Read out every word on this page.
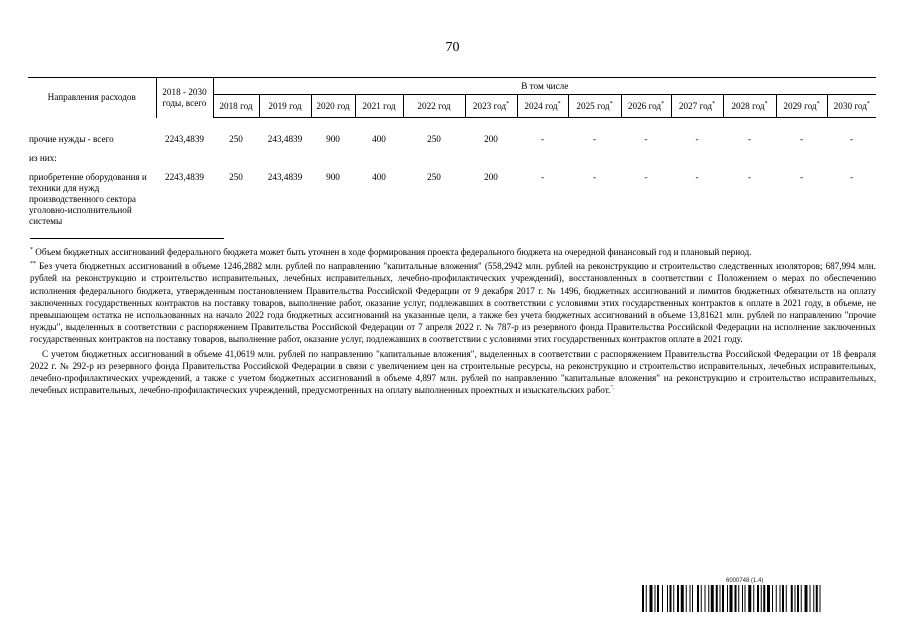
70
Направления расходов	2018 - 2030 годы, всего	В том числе												
		2018 год	2019 год	2020 год	2021 год	2022 год	2023 год*	2024 год*	2025 год*	2026 год*	2027 год*	2028 год*	2029 год*	2030 год*

прочие нужды - всего	2243,4839	250	243,4839	900	400	250	200	-	-	-	-	-	-	-
из них:														
приобретение оборудования и техники для нужд производственного сектора уголовно-исполнительной системы	2243,4839	250	243,4839	900	400	250	200	-	-	-	-	-	-	-

* Объем бюджетных ассигнований федерального бюджета может быть уточнен в ходе формирования проекта федерального бюджета на очередной финансовый год и плановый период.

** Без учета бюджетных ассигнований в объеме 1246,2882 млн. рублей по направлению "капитальные вложения" (558,2942 млн. рублей на реконструкцию и строительство следственных изоляторов; 687,994 млн. рублей на реконструкцию и строительство исправительных, лечебных исправительных, лечебно-профилактических учреждений), восстановленных в соответствии с Положением о мерах по обеспечению исполнения федерального бюджета, утвержденным постановлением Правительства Российской Федерации от 9 декабря 2017 г. № 1496, бюджетных ассигнований и лимитов бюджетных обязательств на оплату заключенных государственных контрактов на поставку товаров, выполнение работ, оказание услуг, подлежавших в соответствии с условиями этих государственных контрактов к оплате в 2021 году, в объеме, не превышающем остатка не использованных на начало 2022 года бюджетных ассигнований на указанные цели, а также без учета бюджетных ассигнований в объеме 13,81621 млн. рублей по направлению "прочие нужды", выделенных в соответствии с распоряжением Правительства Российской Федерации от 7 апреля 2022 г. № 787-р из резервного фонда Правительства Российской Федерации на исполнение заключенных государственных контрактов на поставку товаров, выполнение работ, оказание услуг, подлежавших в соответствии с условиями этих государственных контрактов оплате в 2021 году.

С учетом бюджетных ассигнований в объеме 41,0619 млн. рублей по направлению "капитальные вложения", выделенных в соответствии с распоряжением Правительства Российской Федерации от 18 февраля 2022 г. № 292-р из резервного фонда Правительства Российской Федерации в связи с увеличением цен на строительные ресурсы, на реконструкцию и строительство исправительных, лечебных исправительных, лечебно-профилактических учреждений, а также с учетом бюджетных ассигнований в объеме 4,897 млн. рублей по направлению "капитальные вложения" на реконструкцию и строительство исправительных, лечебных исправительных, лечебно-профилактических учреждений, предусмотренных на оплату выполненных проектных и изыскательских работ.".

6000748 (1.4)
